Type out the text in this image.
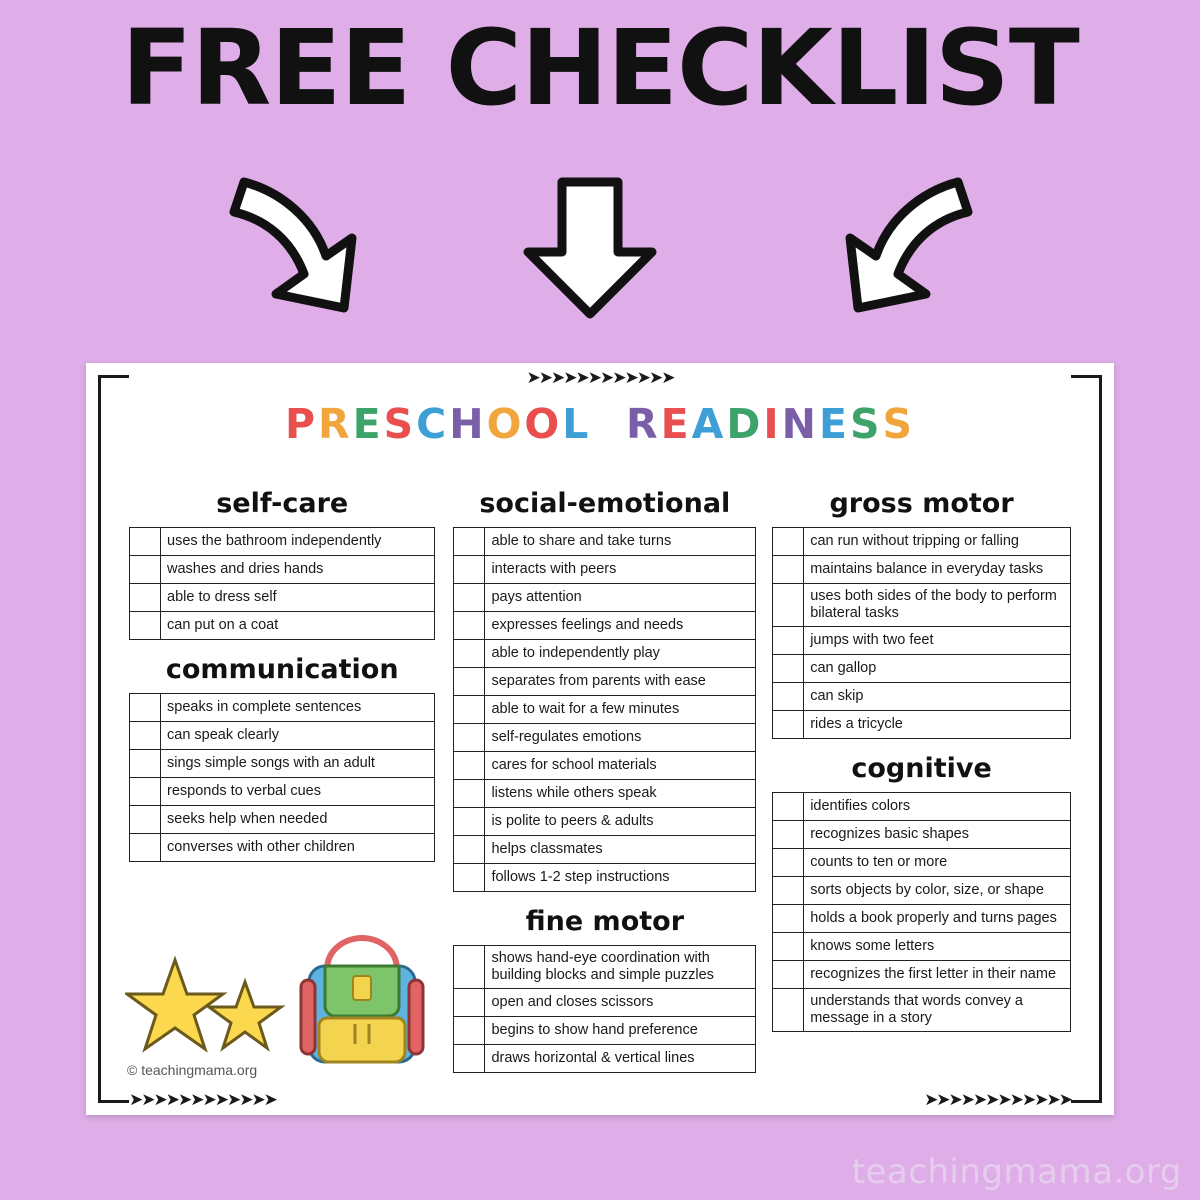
FREE CHECKLIST
➤➤➤➤➤➤➤➤➤➤➤➤
➤➤➤➤➤➤➤➤➤➤➤➤	➤➤➤➤➤➤➤➤➤➤➤➤
PRESCHOOL READINESS
self-care
	uses the bathroom independently
	washes and dries hands
	able to dress self
	can put on a coat
communication
	speaks in complete sentences
	can speak clearly
	sings simple songs with an adult
	responds to verbal cues
	seeks help when needed
	converses with other children
© teachingmama.org
social-emotional
	able to share and take turns
	interacts with peers
	pays attention
	expresses feelings and needs
	able to independently play
	separates from parents with ease
	able to wait for a few minutes
	self-regulates emotions
	cares for school materials
	listens while others speak
	is polite to peers & adults
	helps classmates
	follows 1-2 step instructions
fine motor
	shows hand-eye coordination with building blocks and simple puzzles
	open and closes scissors
	begins to show hand preference
	draws horizontal & vertical lines
gross motor
	can run without tripping or falling
	maintains balance in everyday tasks
	uses both sides of the body to perform bilateral tasks
	jumps with two feet
	can gallop
	can skip
	rides a tricycle
cognitive
	identifies colors
	recognizes basic shapes
	counts to ten or more
	sorts objects by color, size, or shape
	holds a book properly and turns pages
	knows some letters
	recognizes the first letter in their name
	understands that words convey a message in a story
teachingmama.org
